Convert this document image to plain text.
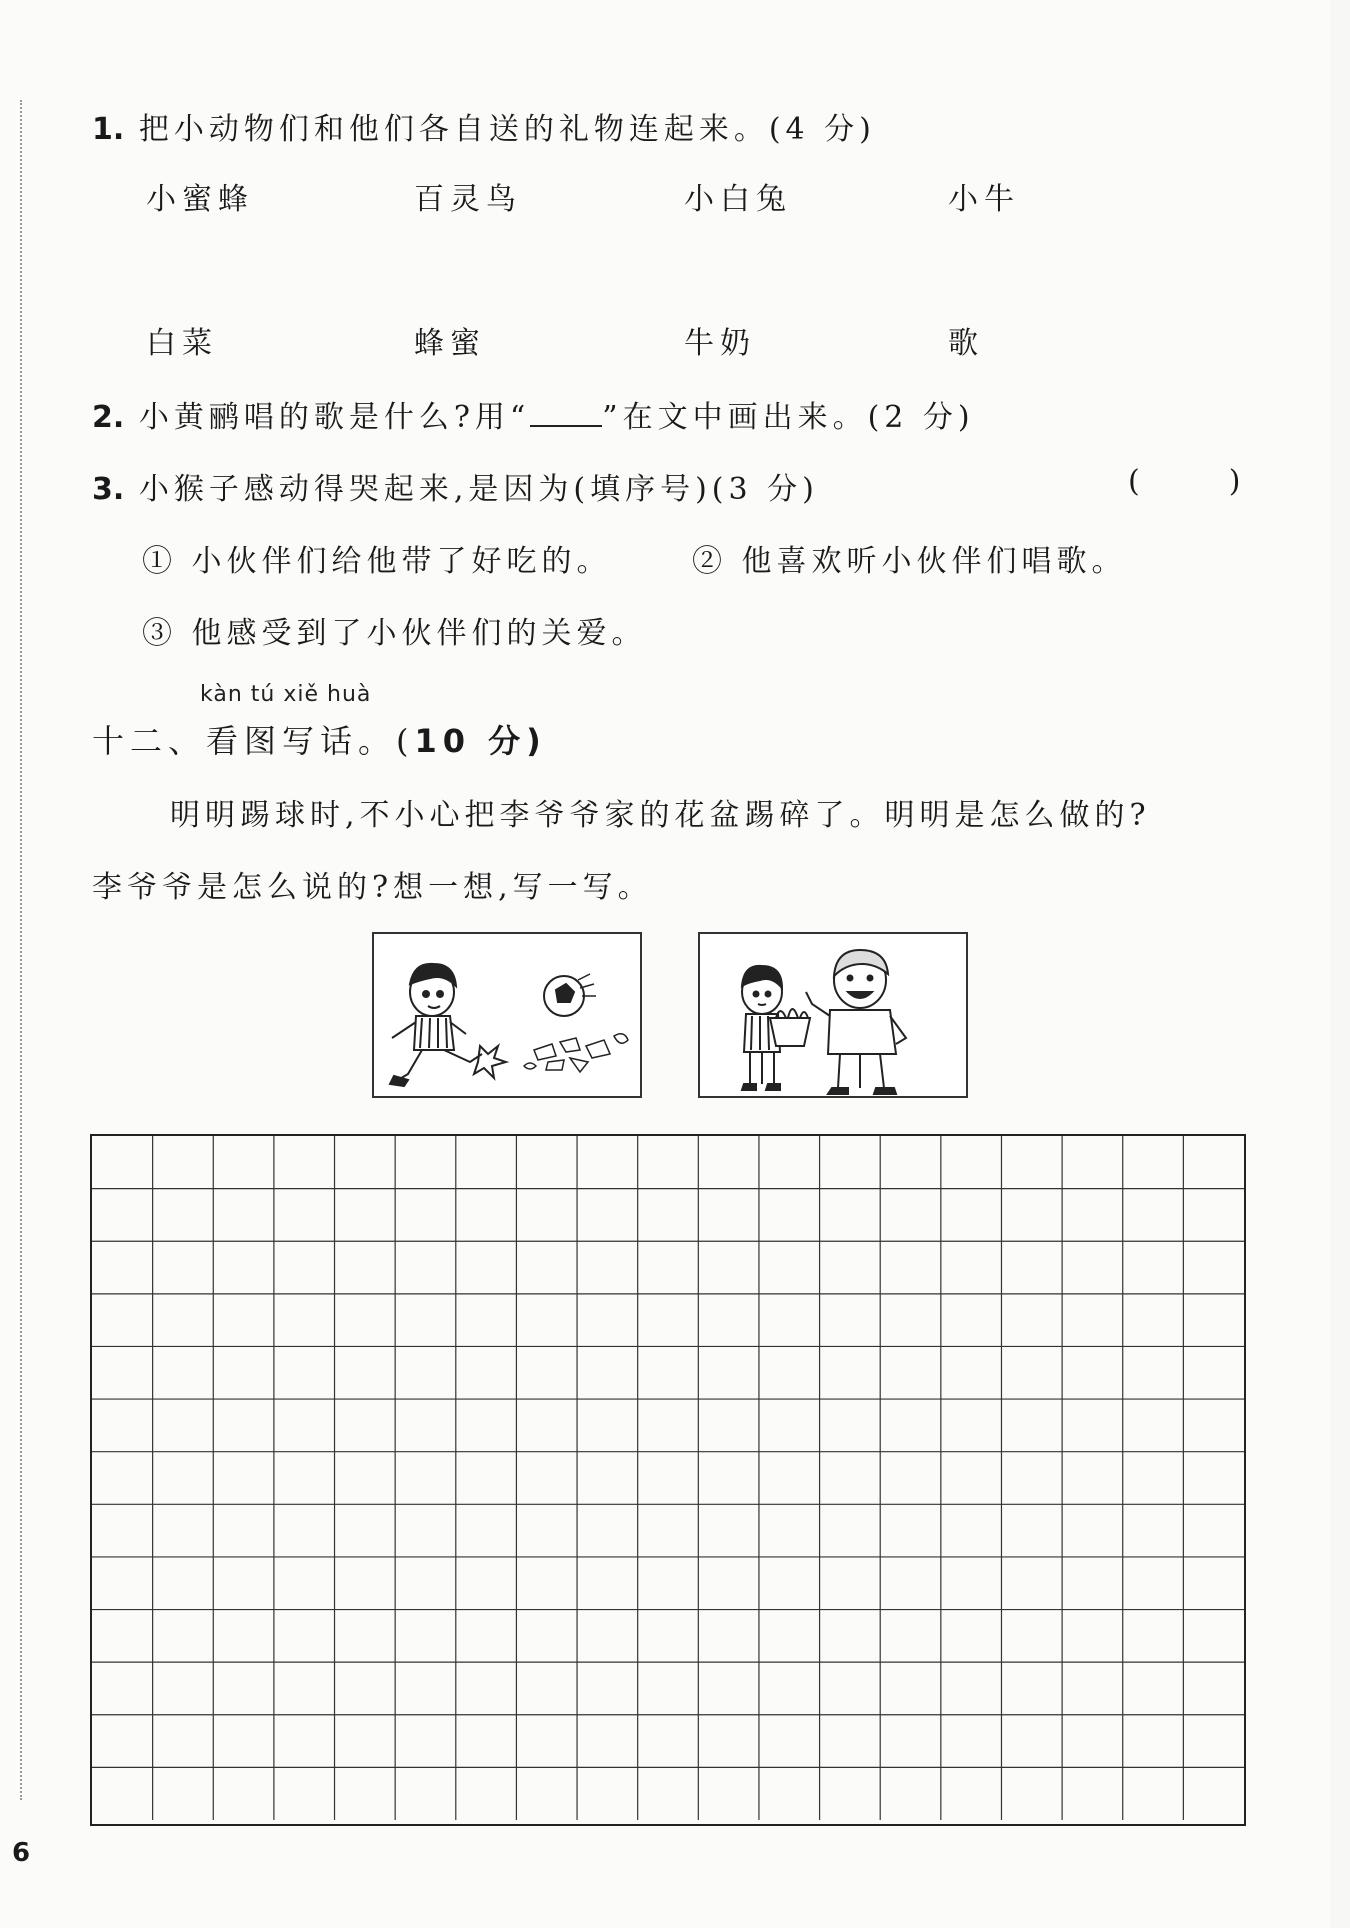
1. 把小动物们和他们各自送的礼物连起来。(4 分)
小蜜蜂	百灵鸟	小白兔	小牛
白菜	蜂蜜	牛奶	歌
2. 小黄鹂唱的歌是什么?用“ ”在文中画出来。(2 分)
3. 小猴子感动得哭起来,是因为(填序号)(3 分)	(	)
① 小伙伴们给他带了好吃的。	② 他喜欢听小伙伴们唱歌。
③ 他感受到了小伙伴们的关爱。
kàn tú xiě huà
十二、看图写话。(10 分)
明明踢球时,不小心把李爷爷家的花盆踢碎了。明明是怎么做的?
李爷爷是怎么说的?想一想,写一写。
6
